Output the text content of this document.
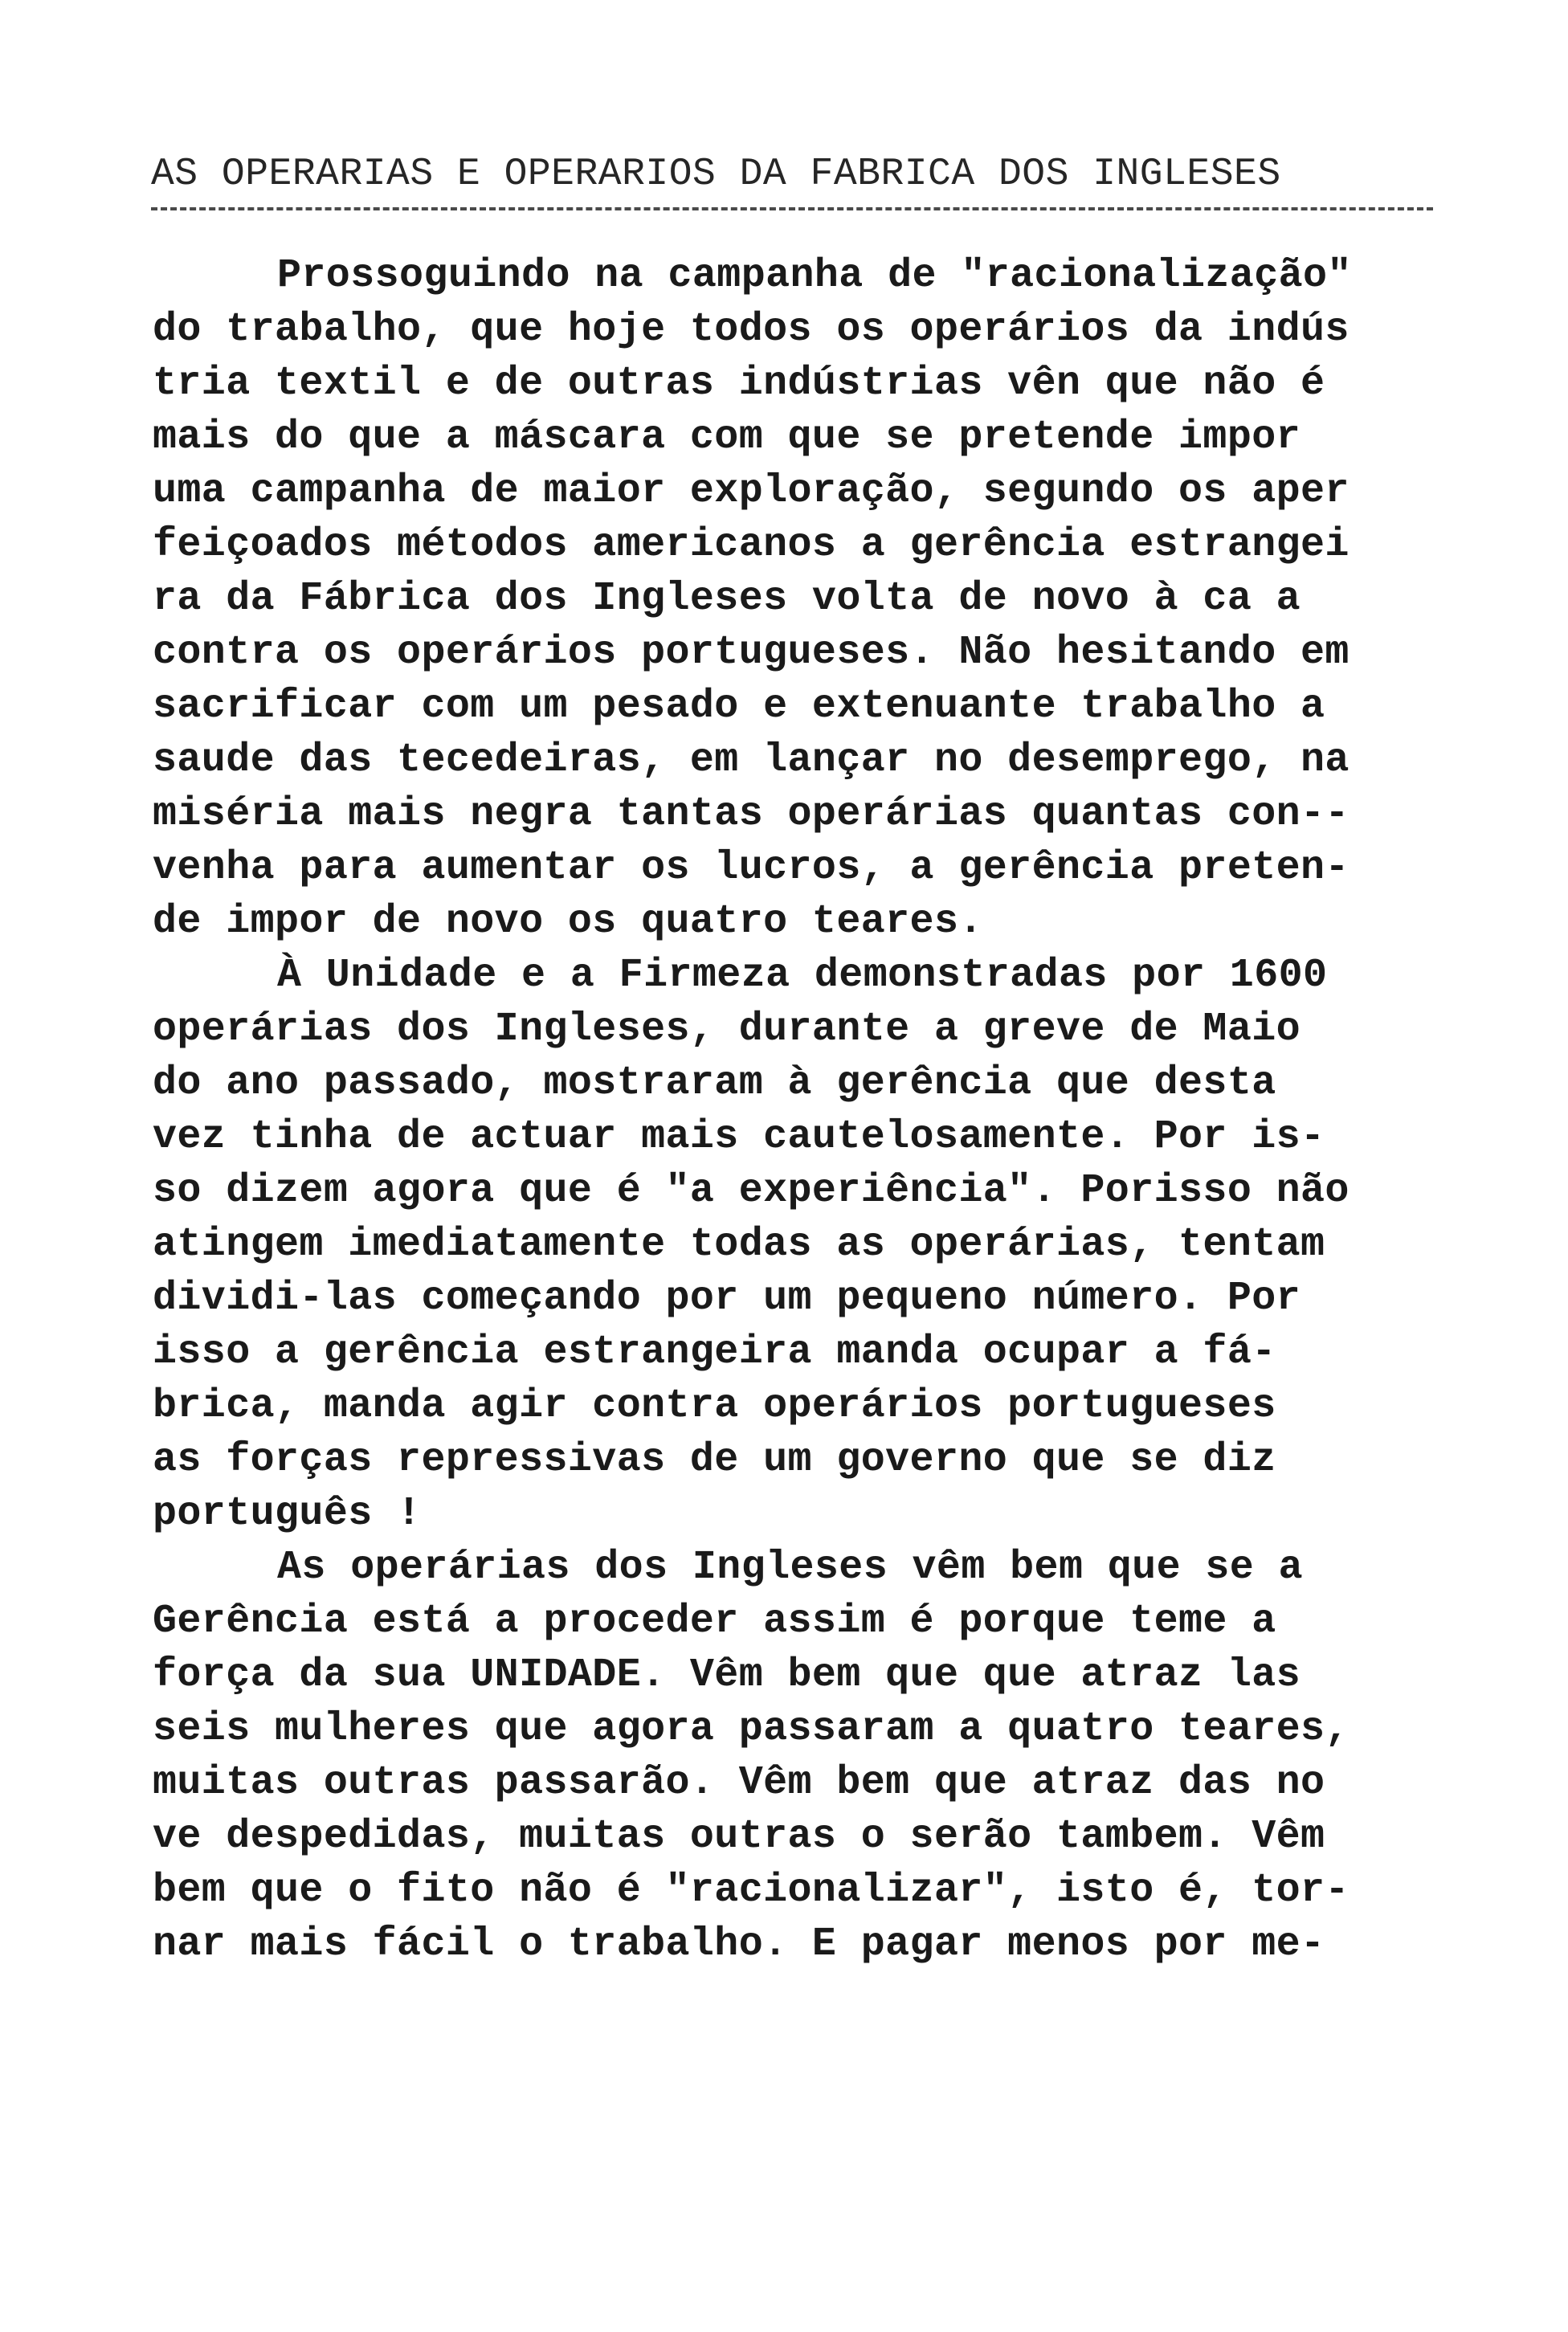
AS OPERARIAS E OPERARIOS DA FABRICA DOS INGLESES
Prossoguindo na campanha de "racionalização"
do trabalho, que hoje todos os operários da indús
tria textil e de outras indústrias vên que não é
mais do que a máscara com que se pretende impor
uma campanha de maior exploração, segundo os aper
feiçoados métodos americanos a gerência estrangei
ra da Fábrica dos Ingleses volta de novo à ca a
contra os operários portugueses. Não hesitando em
sacrificar com um pesado e extenuante trabalho a
saude das tecedeiras, em lançar no desemprego, na
miséria mais negra tantas operárias quantas con--
venha para aumentar os lucros, a gerência preten-
de impor de novo os quatro teares.
À Unidade e a Firmeza demonstradas por 1600
operárias dos Ingleses, durante a greve de Maio
do ano passado, mostraram à gerência que desta
vez tinha de actuar mais cautelosamente. Por is-
so dizem agora que é "a experiência". Porisso não
atingem imediatamente todas as operárias, tentam
dividi-las começando por um pequeno número. Por
isso a gerência estrangeira manda ocupar a fá-
brica, manda agir contra operários portugueses
as forças repressivas de um governo que se diz
português !
As operárias dos Ingleses vêm bem que se a
Gerência está a proceder assim é porque teme a
força da sua UNIDADE. Vêm bem que que atraz las
seis mulheres que agora passaram a quatro teares,
muitas outras passarão. Vêm bem que atraz das no
ve despedidas, muitas outras o serão tambem. Vêm
bem que o fito não é "racionalizar", isto é, tor-
nar mais fácil o trabalho. E pagar menos por me-
